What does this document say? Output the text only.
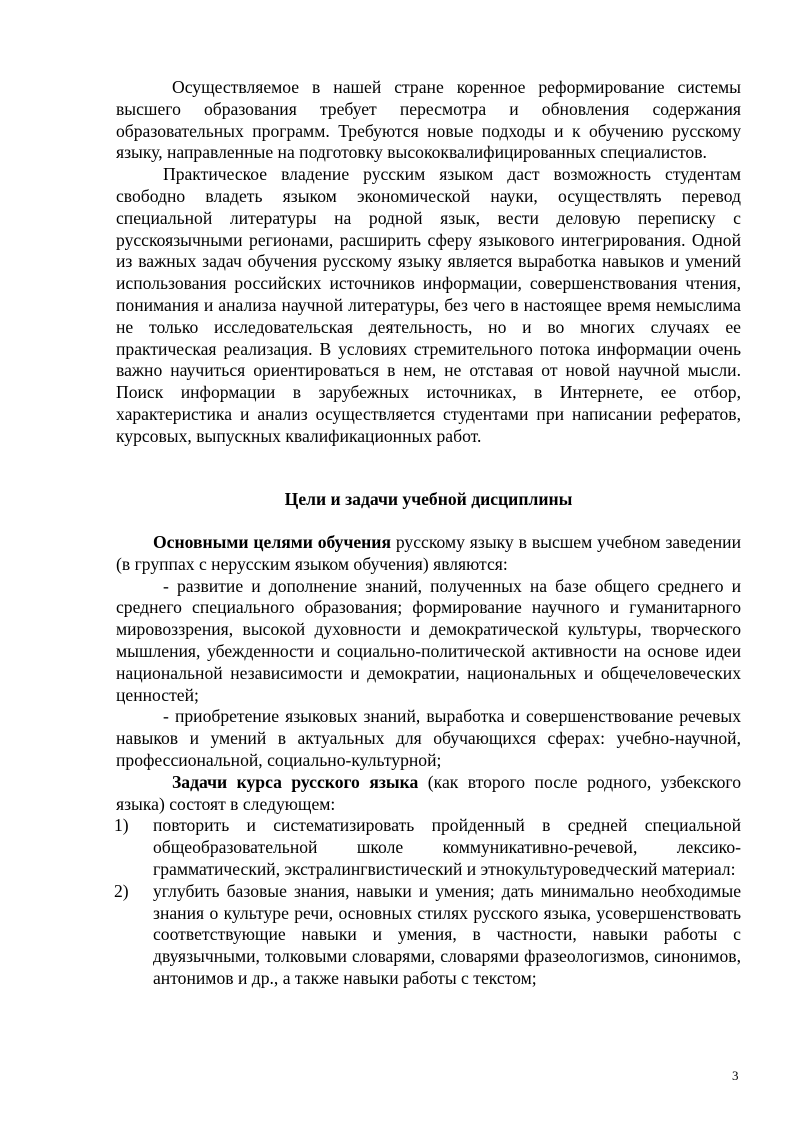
Осуществляемое в нашей стране коренное реформирование системы высшего образования требует пересмотра и обновления содержания образовательных программ. Требуются новые подходы и к обучению русскому языку, направленные на подготовку высококвалифицированных специалистов.

Практическое владение русским языком даст возможность студентам свободно владеть языком экономической науки, осуществлять перевод специальной литературы на родной язык, вести деловую переписку с русскоязычными регионами, расширить сферу языкового интегрирования. Одной из важных задач обучения русскому языку является выработка навыков и умений использования российских источников информации, совершенствования чтения, понимания и анализа научной литературы, без чего в настоящее время немыслима не только исследовательская деятельность, но и во многих случаях ее практическая реализация. В условиях стремительного потока информации очень важно научиться ориентироваться в нем, не отставая от новой научной мысли. Поиск информации в зарубежных источниках, в Интернете, ее отбор, характеристика и анализ осуществляется студентами при написании рефератов, курсовых, выпускных квалификационных работ.

Цели и задачи учебной дисциплины

Основными целями обучения русскому языку в высшем учебном заведении (в группах с нерусским языком обучения) являются:

- развитие и дополнение знаний, полученных на базе общего среднего и среднего специального образования; формирование научного и гуманитарного мировоззрения, высокой духовности и демократической культуры, творческого мышления, убежденности и социально-политической активности на основе идеи национальной независимости и демократии, национальных и общечеловеческих ценностей;

- приобретение языковых знаний, выработка и совершенствование речевых навыков и умений в актуальных для обучающихся сферах: учебно-научной, профессиональной, социально-культурной;

Задачи курса русского языка (как второго после родного, узбекского языка) состоят в следующем:

1) повторить и систематизировать пройденный в средней специальной общеобразовательной школе коммуникативно-речевой, лексико-грамматический, экстралингвистический и этнокультуроведческий материал:
2) углубить базовые знания, навыки и умения; дать минимально необходимые знания о культуре речи, основных стилях русского языка, усовершенствовать соответствующие навыки и умения, в частности, навыки работы с двуязычными, толковыми словарями, словарями фразеологизмов, синонимов, антонимов и др., а также навыки работы с текстом;
3
